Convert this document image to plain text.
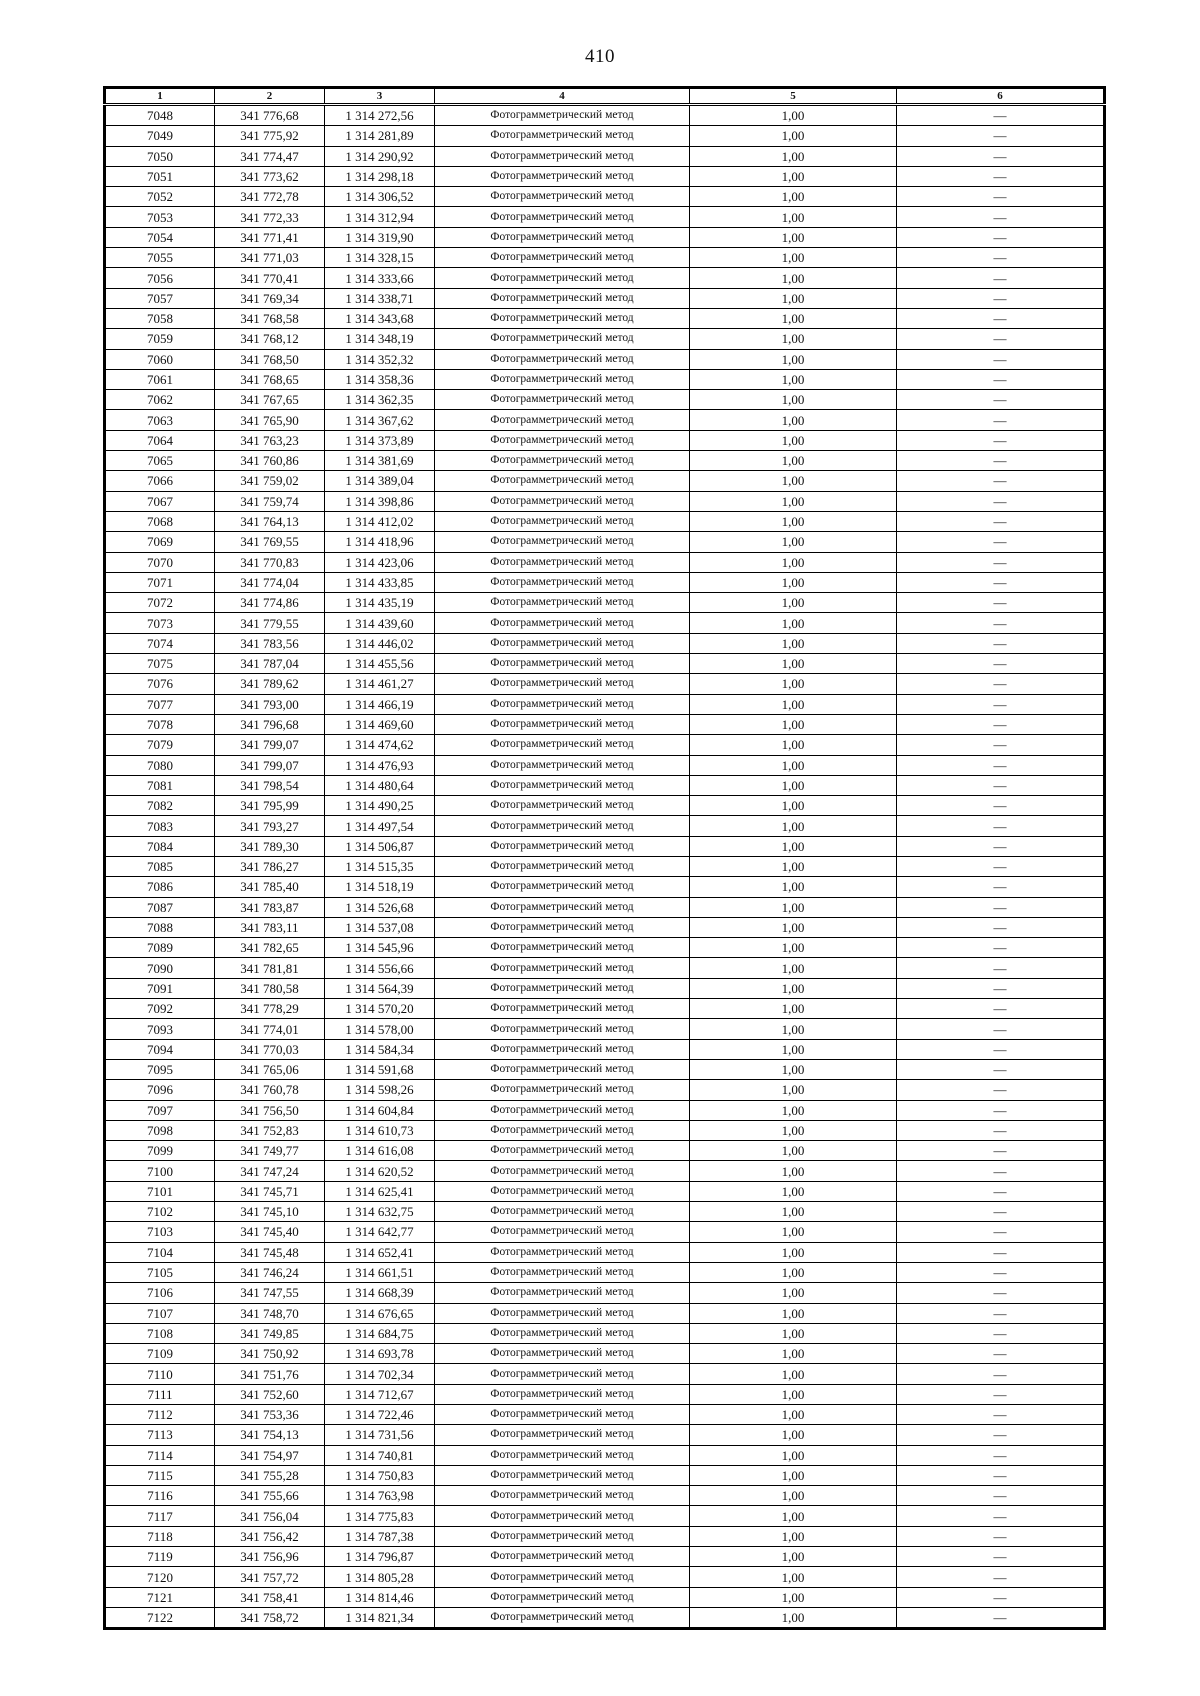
410
1	2	3	4	5	6
7048	341 776,68	1 314 272,56	Фотограмметрический метод	1,00	—
7049	341 775,92	1 314 281,89	Фотограмметрический метод	1,00	—
7050	341 774,47	1 314 290,92	Фотограмметрический метод	1,00	—
7051	341 773,62	1 314 298,18	Фотограмметрический метод	1,00	—
7052	341 772,78	1 314 306,52	Фотограмметрический метод	1,00	—
7053	341 772,33	1 314 312,94	Фотограмметрический метод	1,00	—
7054	341 771,41	1 314 319,90	Фотограмметрический метод	1,00	—
7055	341 771,03	1 314 328,15	Фотограмметрический метод	1,00	—
7056	341 770,41	1 314 333,66	Фотограмметрический метод	1,00	—
7057	341 769,34	1 314 338,71	Фотограмметрический метод	1,00	—
7058	341 768,58	1 314 343,68	Фотограмметрический метод	1,00	—
7059	341 768,12	1 314 348,19	Фотограмметрический метод	1,00	—
7060	341 768,50	1 314 352,32	Фотограмметрический метод	1,00	—
7061	341 768,65	1 314 358,36	Фотограмметрический метод	1,00	—
7062	341 767,65	1 314 362,35	Фотограмметрический метод	1,00	—
7063	341 765,90	1 314 367,62	Фотограмметрический метод	1,00	—
7064	341 763,23	1 314 373,89	Фотограмметрический метод	1,00	—
7065	341 760,86	1 314 381,69	Фотограмметрический метод	1,00	—
7066	341 759,02	1 314 389,04	Фотограмметрический метод	1,00	—
7067	341 759,74	1 314 398,86	Фотограмметрический метод	1,00	—
7068	341 764,13	1 314 412,02	Фотограмметрический метод	1,00	—
7069	341 769,55	1 314 418,96	Фотограмметрический метод	1,00	—
7070	341 770,83	1 314 423,06	Фотограмметрический метод	1,00	—
7071	341 774,04	1 314 433,85	Фотограмметрический метод	1,00	—
7072	341 774,86	1 314 435,19	Фотограмметрический метод	1,00	—
7073	341 779,55	1 314 439,60	Фотограмметрический метод	1,00	—
7074	341 783,56	1 314 446,02	Фотограмметрический метод	1,00	—
7075	341 787,04	1 314 455,56	Фотограмметрический метод	1,00	—
7076	341 789,62	1 314 461,27	Фотограмметрический метод	1,00	—
7077	341 793,00	1 314 466,19	Фотограмметрический метод	1,00	—
7078	341 796,68	1 314 469,60	Фотограмметрический метод	1,00	—
7079	341 799,07	1 314 474,62	Фотограмметрический метод	1,00	—
7080	341 799,07	1 314 476,93	Фотограмметрический метод	1,00	—
7081	341 798,54	1 314 480,64	Фотограмметрический метод	1,00	—
7082	341 795,99	1 314 490,25	Фотограмметрический метод	1,00	—
7083	341 793,27	1 314 497,54	Фотограмметрический метод	1,00	—
7084	341 789,30	1 314 506,87	Фотограмметрический метод	1,00	—
7085	341 786,27	1 314 515,35	Фотограмметрический метод	1,00	—
7086	341 785,40	1 314 518,19	Фотограмметрический метод	1,00	—
7087	341 783,87	1 314 526,68	Фотограмметрический метод	1,00	—
7088	341 783,11	1 314 537,08	Фотограмметрический метод	1,00	—
7089	341 782,65	1 314 545,96	Фотограмметрический метод	1,00	—
7090	341 781,81	1 314 556,66	Фотограмметрический метод	1,00	—
7091	341 780,58	1 314 564,39	Фотограмметрический метод	1,00	—
7092	341 778,29	1 314 570,20	Фотограмметрический метод	1,00	—
7093	341 774,01	1 314 578,00	Фотограмметрический метод	1,00	—
7094	341 770,03	1 314 584,34	Фотограмметрический метод	1,00	—
7095	341 765,06	1 314 591,68	Фотограмметрический метод	1,00	—
7096	341 760,78	1 314 598,26	Фотограмметрический метод	1,00	—
7097	341 756,50	1 314 604,84	Фотограмметрический метод	1,00	—
7098	341 752,83	1 314 610,73	Фотограмметрический метод	1,00	—
7099	341 749,77	1 314 616,08	Фотограмметрический метод	1,00	—
7100	341 747,24	1 314 620,52	Фотограмметрический метод	1,00	—
7101	341 745,71	1 314 625,41	Фотограмметрический метод	1,00	—
7102	341 745,10	1 314 632,75	Фотограмметрический метод	1,00	—
7103	341 745,40	1 314 642,77	Фотограмметрический метод	1,00	—
7104	341 745,48	1 314 652,41	Фотограмметрический метод	1,00	—
7105	341 746,24	1 314 661,51	Фотограмметрический метод	1,00	—
7106	341 747,55	1 314 668,39	Фотограмметрический метод	1,00	—
7107	341 748,70	1 314 676,65	Фотограмметрический метод	1,00	—
7108	341 749,85	1 314 684,75	Фотограмметрический метод	1,00	—
7109	341 750,92	1 314 693,78	Фотограмметрический метод	1,00	—
7110	341 751,76	1 314 702,34	Фотограмметрический метод	1,00	—
7111	341 752,60	1 314 712,67	Фотограмметрический метод	1,00	—
7112	341 753,36	1 314 722,46	Фотограмметрический метод	1,00	—
7113	341 754,13	1 314 731,56	Фотограмметрический метод	1,00	—
7114	341 754,97	1 314 740,81	Фотограмметрический метод	1,00	—
7115	341 755,28	1 314 750,83	Фотограмметрический метод	1,00	—
7116	341 755,66	1 314 763,98	Фотограмметрический метод	1,00	—
7117	341 756,04	1 314 775,83	Фотограмметрический метод	1,00	—
7118	341 756,42	1 314 787,38	Фотограмметрический метод	1,00	—
7119	341 756,96	1 314 796,87	Фотограмметрический метод	1,00	—
7120	341 757,72	1 314 805,28	Фотограмметрический метод	1,00	—
7121	341 758,41	1 314 814,46	Фотограмметрический метод	1,00	—
7122	341 758,72	1 314 821,34	Фотограмметрический метод	1,00	—
